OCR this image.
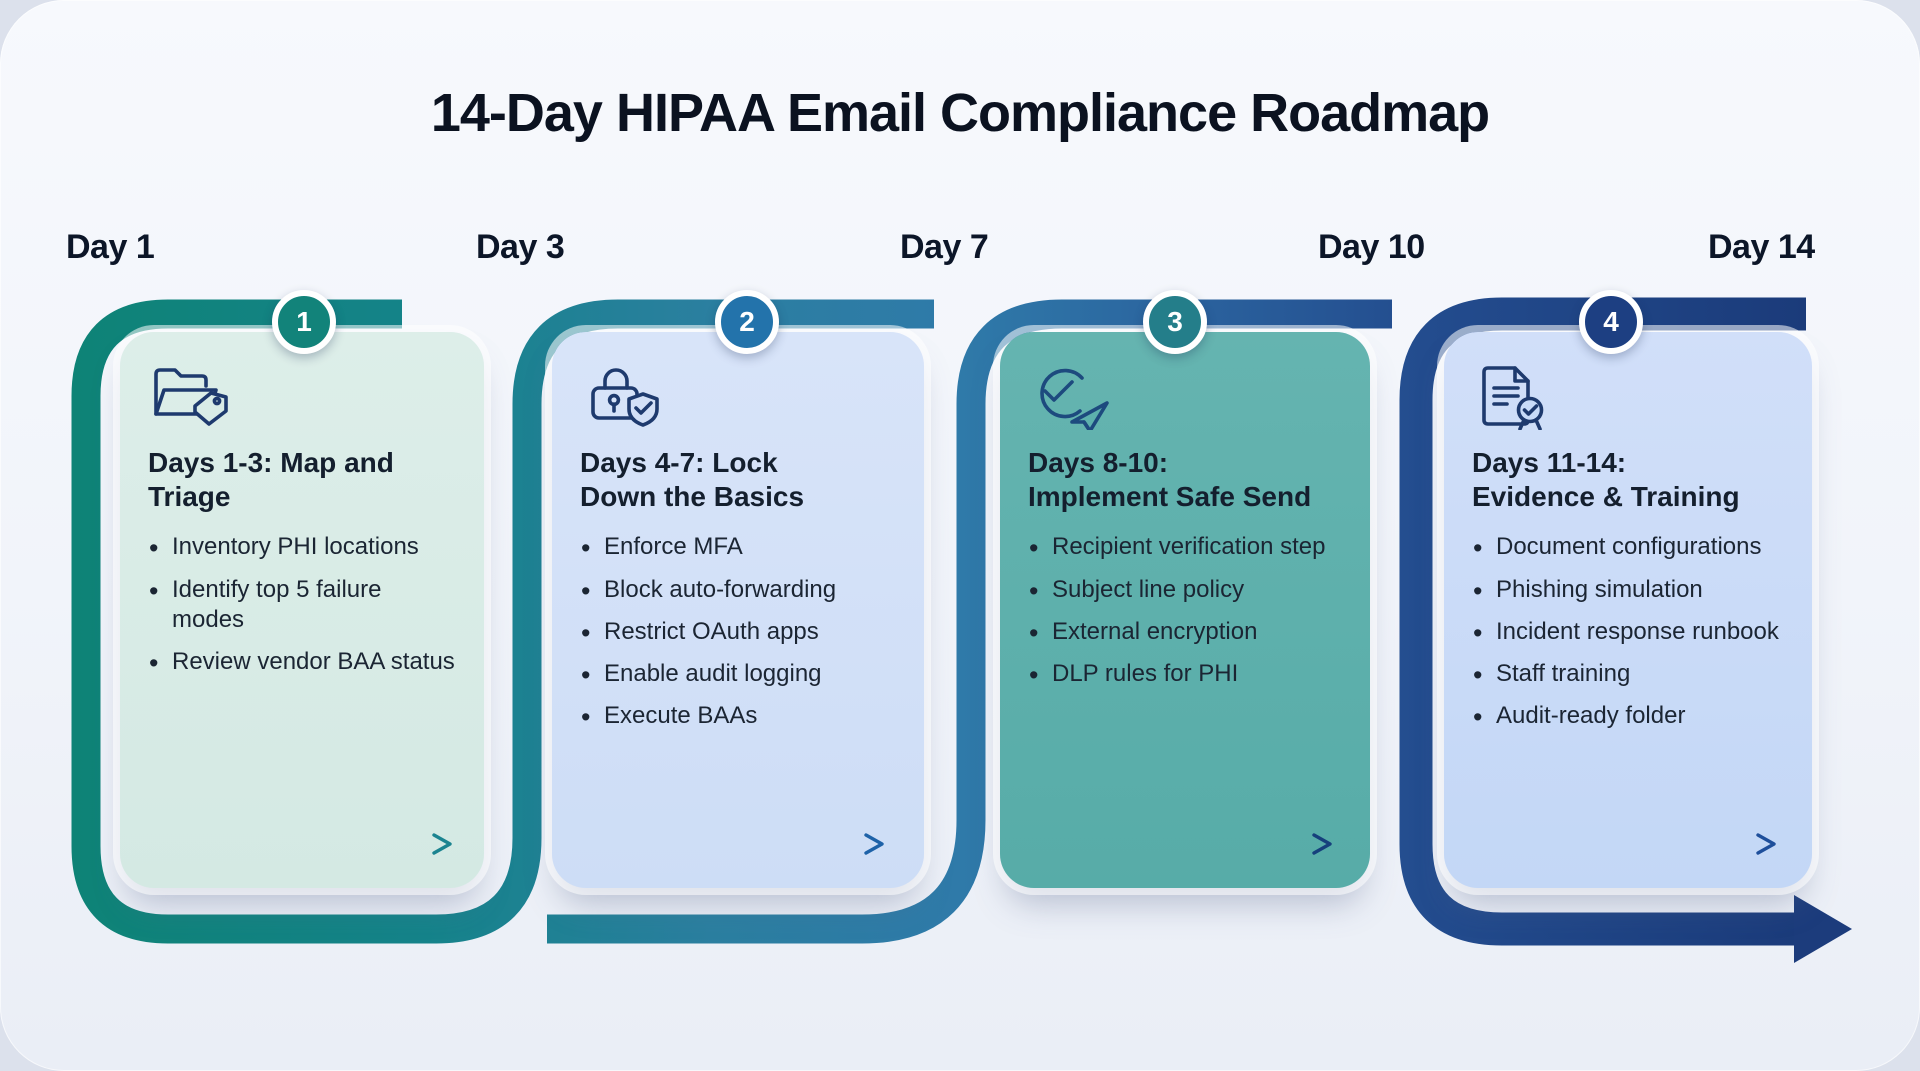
14-Day HIPAA Email Compliance Roadmap
Day 1	Day 3	Day 7	Day 10	Day 14
Days 1-3: Map and
Triage
• Inventory PHI locations
• Identify top 5 failure modes
• Review vendor BAA status
Days 4-7: Lock
Down the Basics
• Enforce MFA
• Block auto-forwarding
• Restrict OAuth apps
• Enable audit logging
• Execute BAAs
Days 8-10:
Implement Safe Send
• Recipient verification step
• Subject line policy
• External encryption
• DLP rules for PHI
Days 11-14:
Evidence & Training
• Document configurations
• Phishing simulation
• Incident response runbook
• Staff training
• Audit-ready folder
1	2	3	4
